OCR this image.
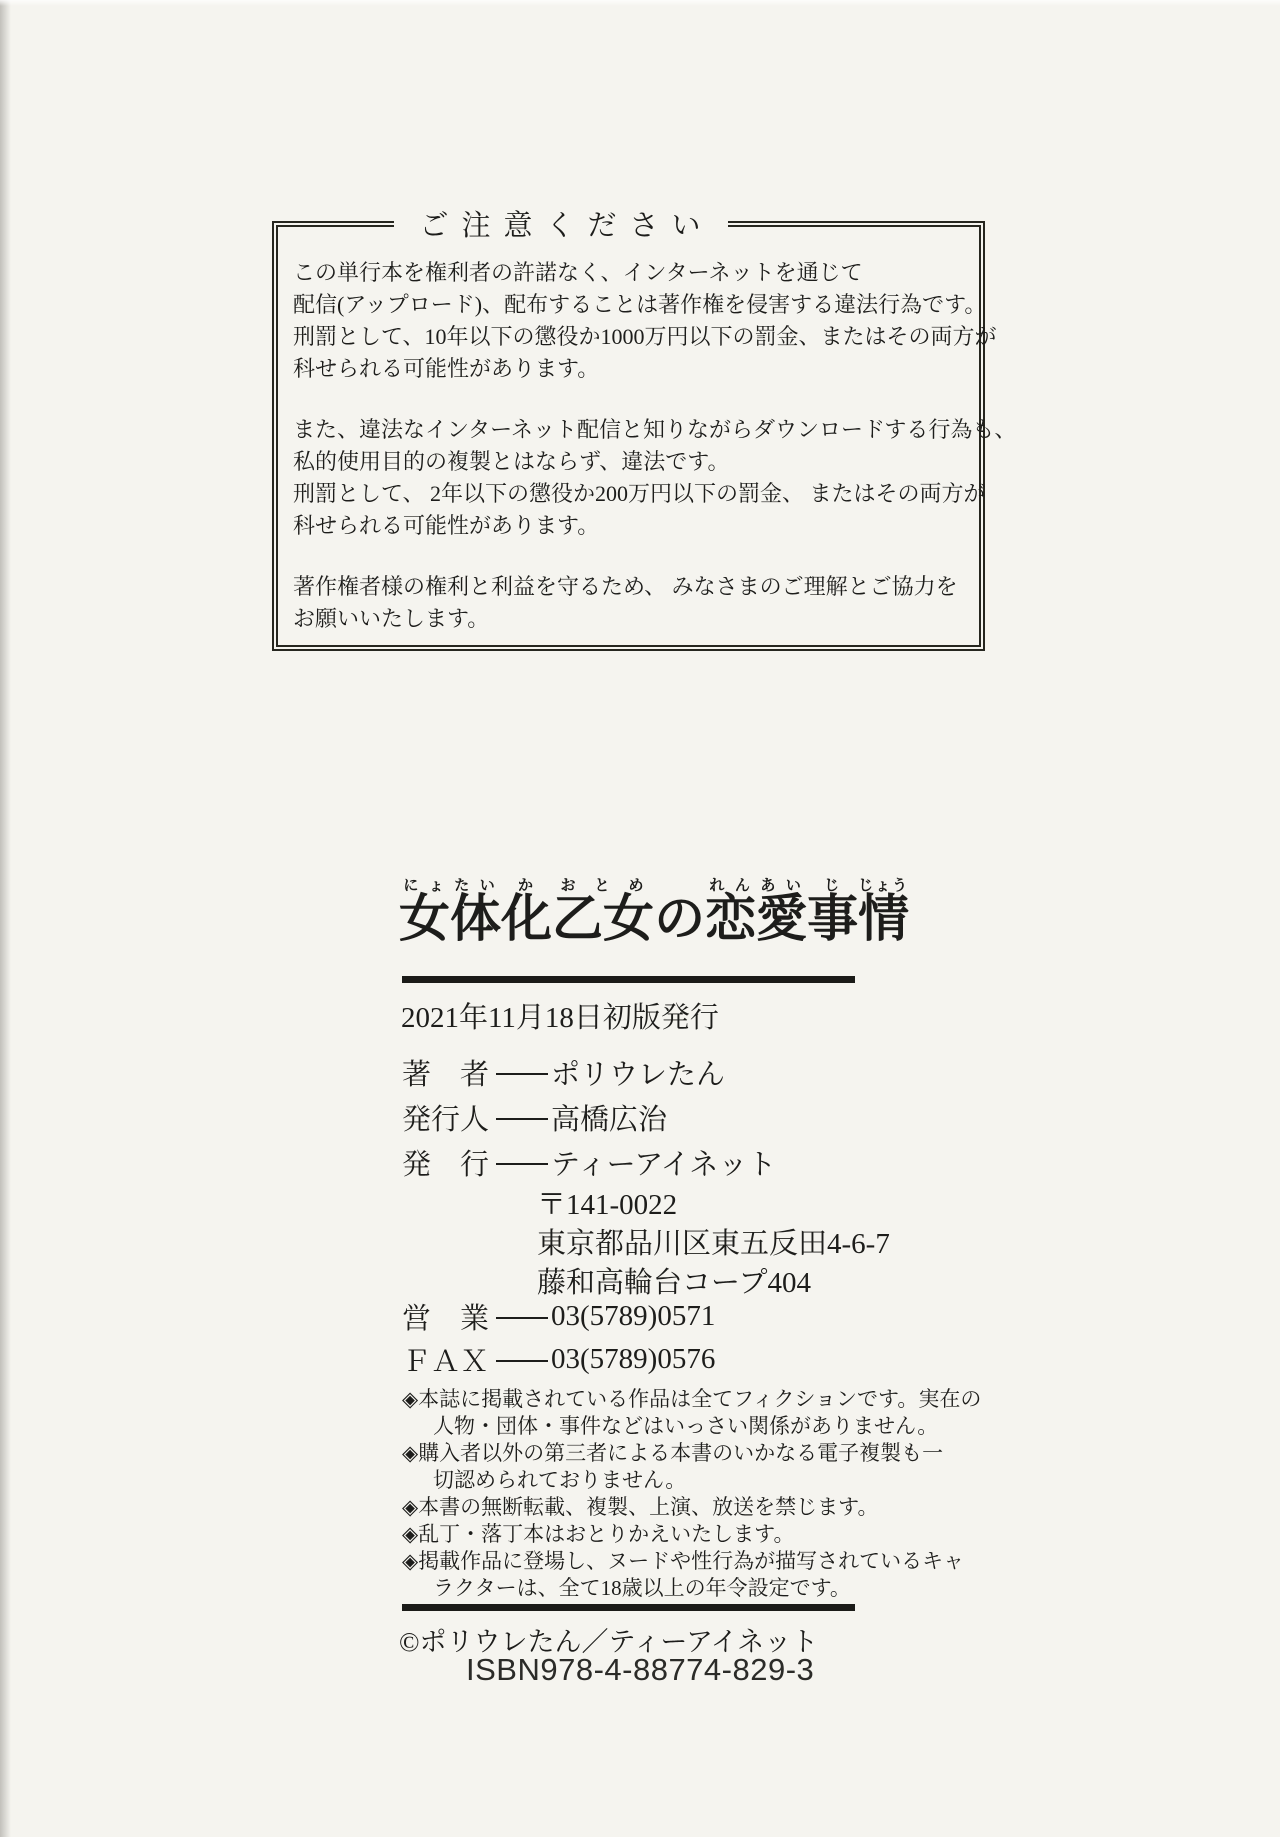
ご注意ください

この単行本を権利者の許諾なく、インターネットを通じて
配信(アップロード)、配布することは著作権を侵害する違法行為です。
刑罰として、10年以下の懲役か1000万円以下の罰金、またはその両方が
科せられる可能性があります。

また、違法なインターネット配信と知りながらダウンロードする行為も、
私的使用目的の複製とはならず、違法です。
刑罰として、 2年以下の懲役か200万円以下の罰金、 またはその両方が
科せられる可能性があります。

著作権者様の権利と利益を守るため、 みなさまのご理解とご協力を
お願いいたします。

女にょ体たい化か乙女おとめの恋れん愛あい事じ情じょう
2021年11月18日初版発行
著　者 ポリウレたん
発行人 高橋広治
発　行 ティーアイネット
〒141-0022
東京都品川区東五反田4-6-7
藤和高輪台コープ404
営　業 03(5789)0571
ＦＡＸ 03(5789)0576
◈本誌に掲載されている作品は全てフィクションです。実在の
人物・団体・事件などはいっさい関係がありません。
◈購入者以外の第三者による本書のいかなる電子複製も一
切認められておりません。
◈本書の無断転載、複製、上演、放送を禁じます。
◈乱丁・落丁本はおとりかえいたします。
◈掲載作品に登場し、ヌードや性行為が描写されているキャ
ラクターは、全て18歳以上の年令設定です。
©ポリウレたん／ティーアイネット
ISBN978-4-88774-829-3
